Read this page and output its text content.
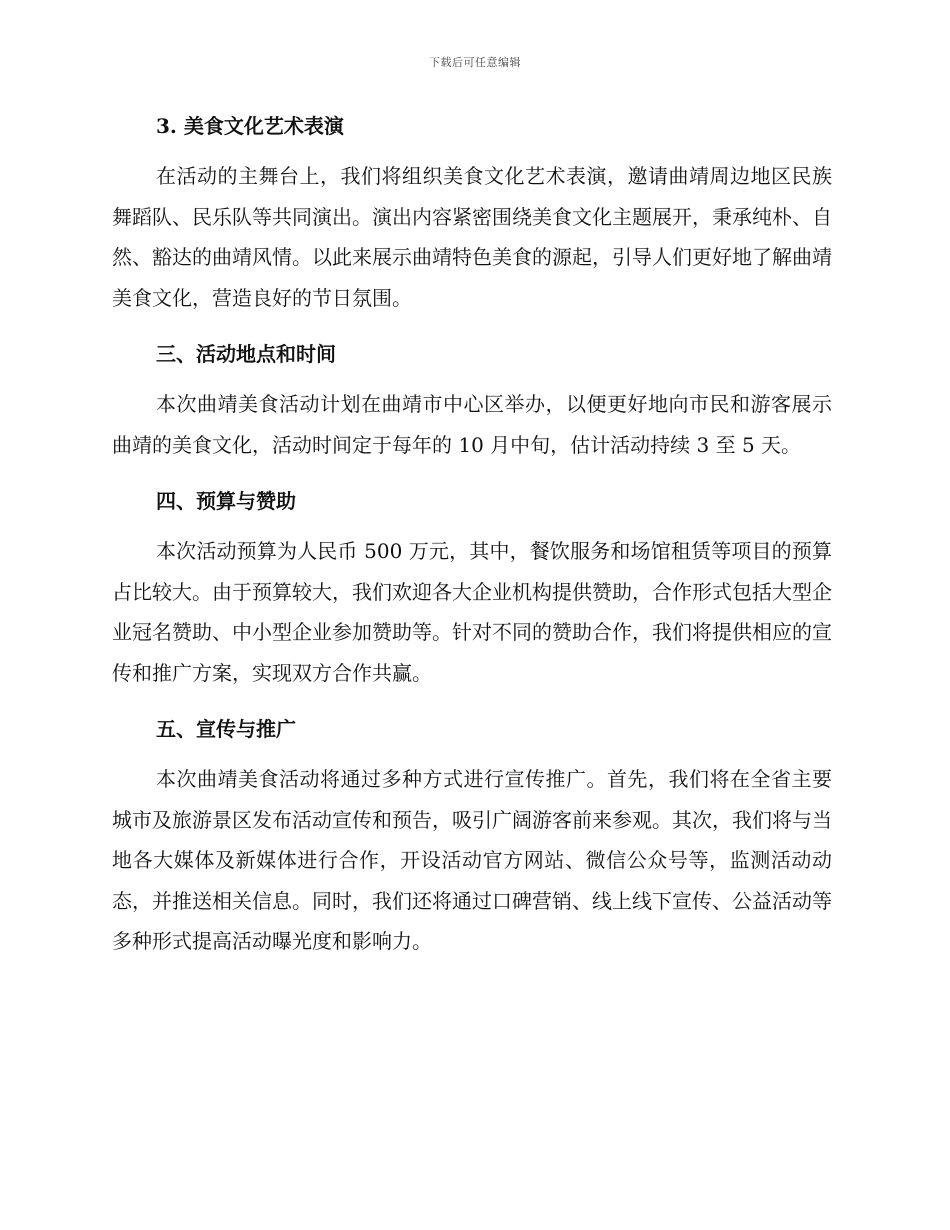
下载后可任意编辑
3. 美食文化艺术表演

在活动的主舞台上，我们将组织美食文化艺术表演，邀请曲靖周边地区民族舞蹈队、民乐队等共同演出。演出内容紧密围绕美食文化主题展开，秉承纯朴、自然、豁达的曲靖风情。以此来展示曲靖特色美食的源起，引导人们更好地了解曲靖美食文化，营造良好的节日氛围。

三、活动地点和时间

本次曲靖美食活动计划在曲靖市中心区举办，以便更好地向市民和游客展示曲靖的美食文化，活动时间定于每年的 10 月中旬，估计活动持续 3 至 5 天。

四、预算与赞助

本次活动预算为人民币 500 万元，其中，餐饮服务和场馆租赁等项目的预算占比较大。由于预算较大，我们欢迎各大企业机构提供赞助，合作形式包括大型企业冠名赞助、中小型企业参加赞助等。针对不同的赞助合作，我们将提供相应的宣传和推广方案，实现双方合作共赢。

五、宣传与推广

本次曲靖美食活动将通过多种方式进行宣传推广。首先，我们将在全省主要城市及旅游景区发布活动宣传和预告，吸引广阔游客前来参观。其次，我们将与当地各大媒体及新媒体进行合作，开设活动官方网站、微信公众号等，监测活动动态，并推送相关信息。同时，我们还将通过口碑营销、线上线下宣传、公益活动等多种形式提高活动曝光度和影响力。
